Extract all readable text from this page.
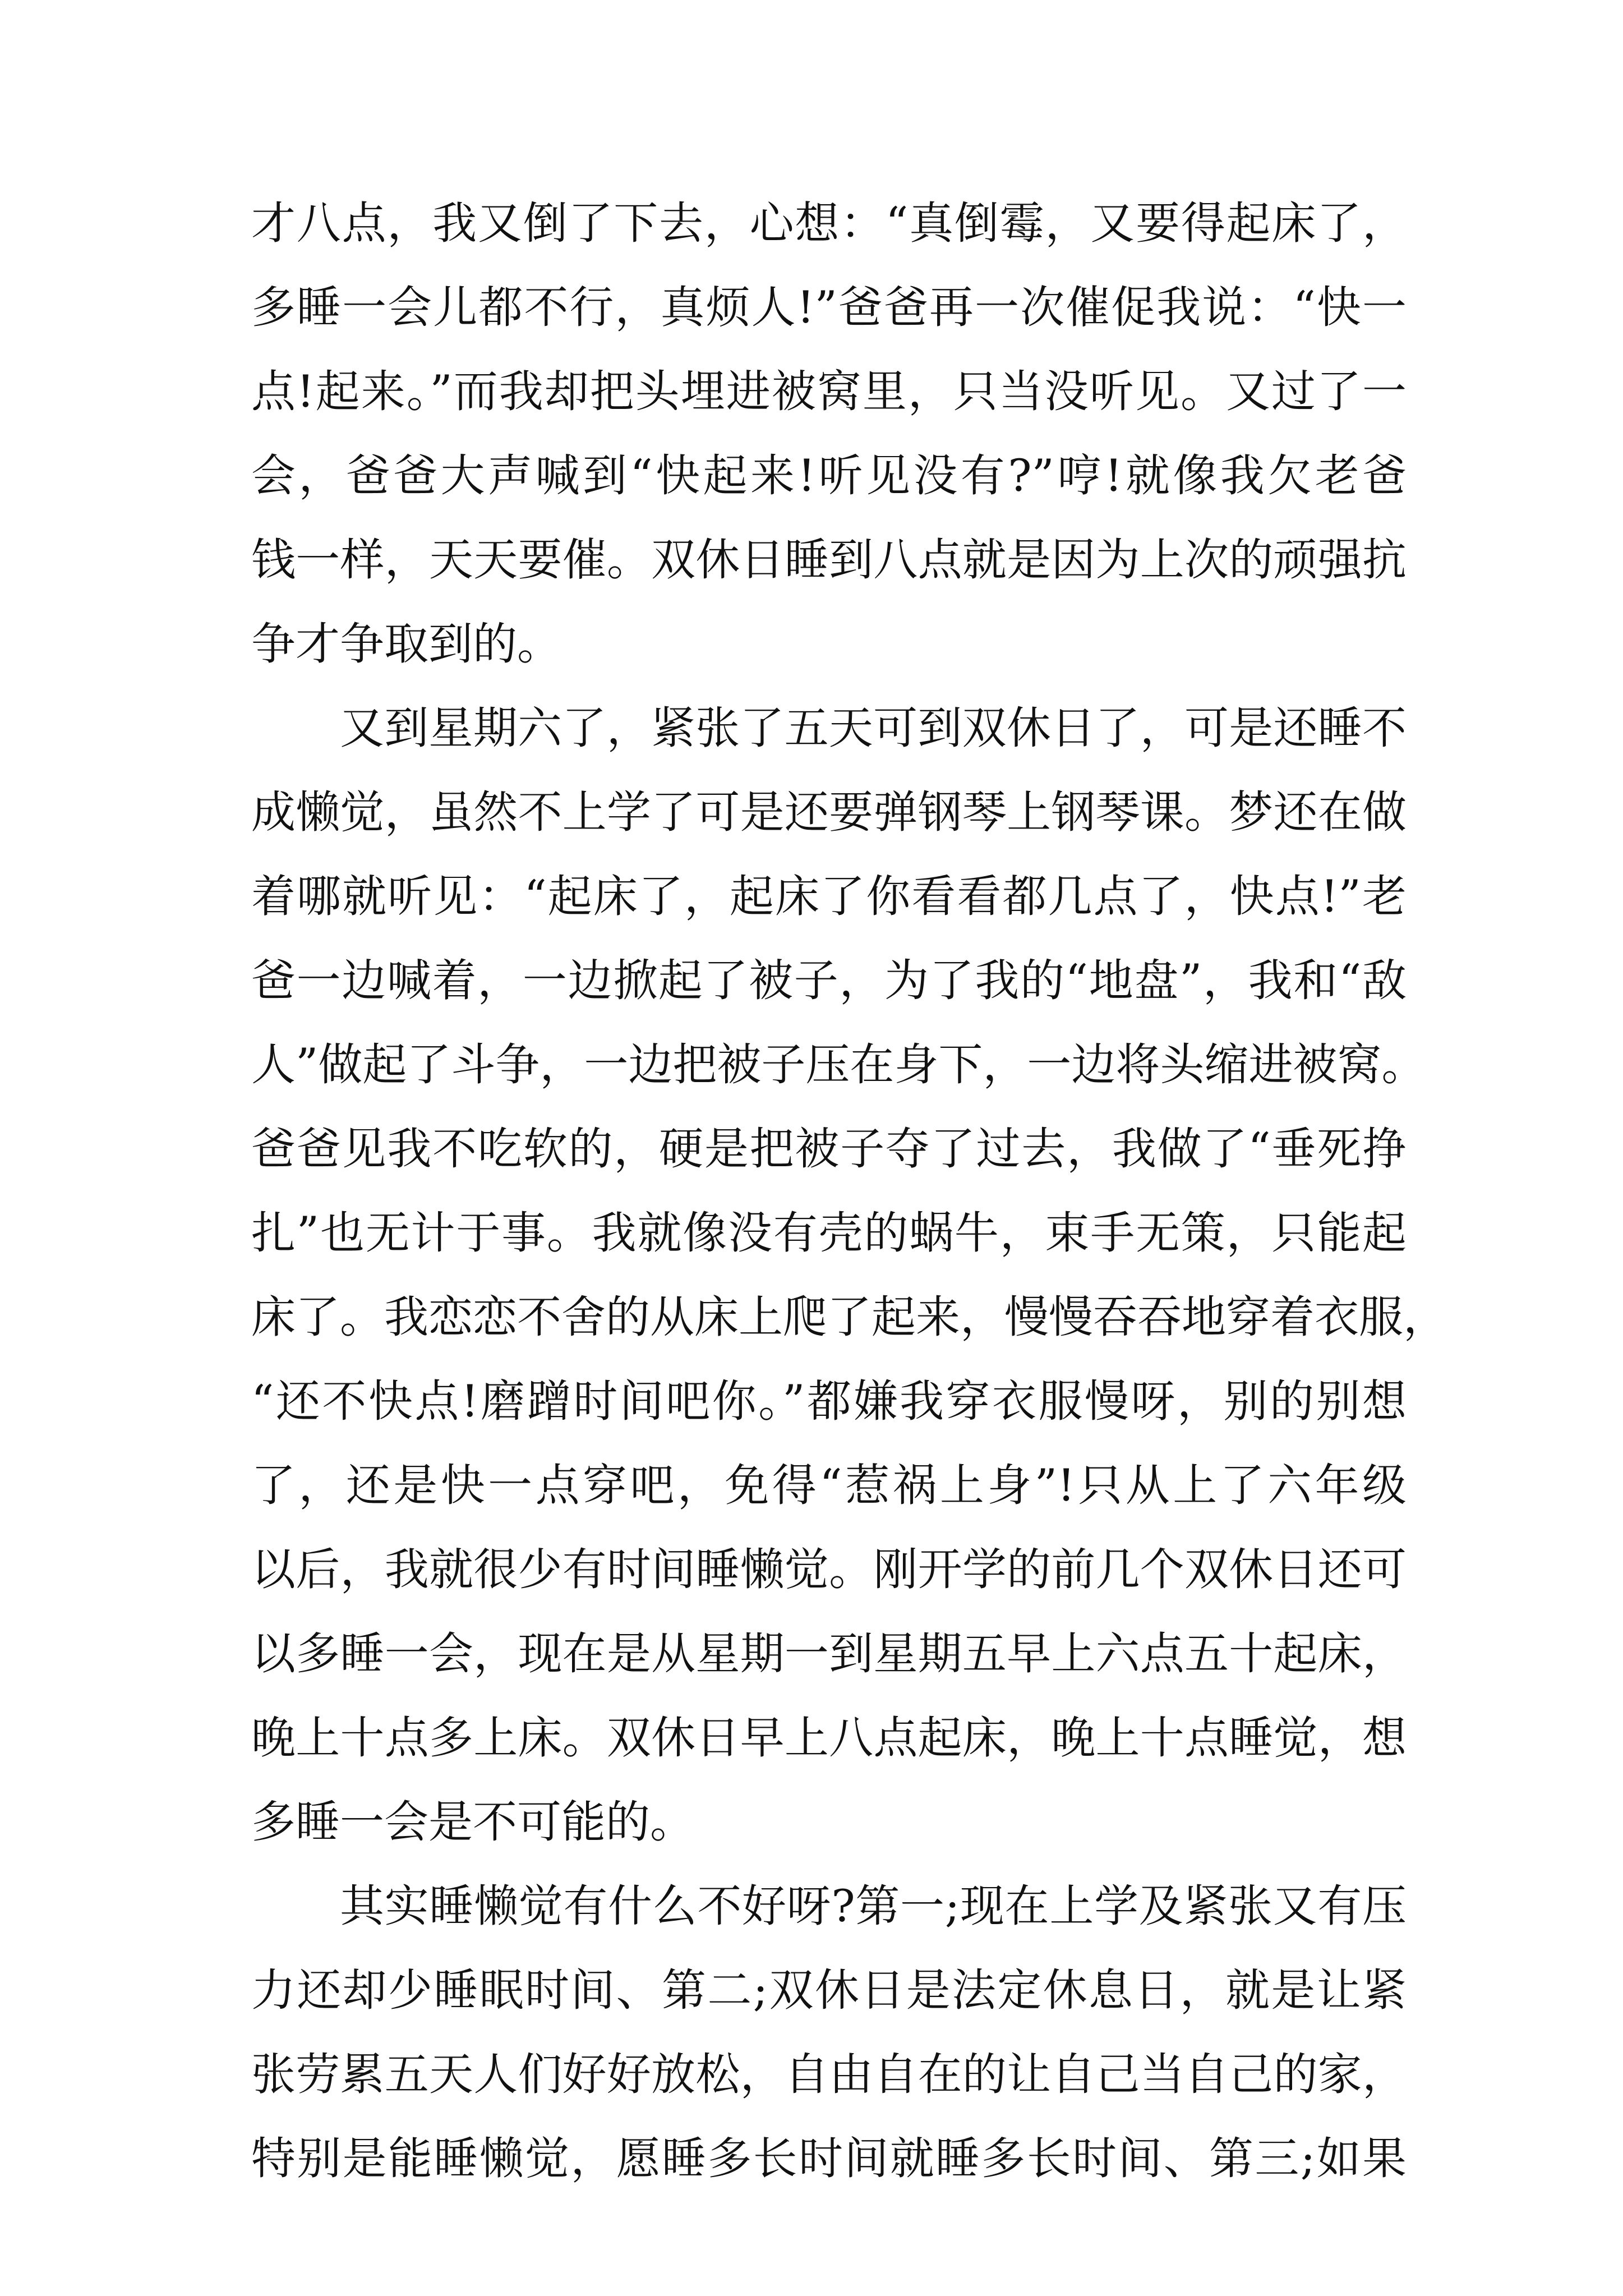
才八点，我又倒了下去，心想：“真倒霉，又要得起床了，
多睡一会儿都不行，真烦人!”爸爸再一次催促我说：“快一
点!起来。”而我却把头埋进被窝里，只当没听见。又过了一
会，爸爸大声喊到“快起来!听见没有?”哼!就像我欠老爸
钱一样，天天要催。双休日睡到八点就是因为上次的顽强抗
争才争取到的。
又到星期六了，紧张了五天可到双休日了，可是还睡不
成懒觉，虽然不上学了可是还要弹钢琴上钢琴课。梦还在做
着哪就听见：“起床了，起床了你看看都几点了，快点!”老
爸一边喊着，一边掀起了被子，为了我的“地盘”，我和“敌
人”做起了斗争，一边把被子压在身下，一边将头缩进被窝。
爸爸见我不吃软的，硬是把被子夺了过去，我做了“垂死挣
扎”也无计于事。我就像没有壳的蜗牛，束手无策，只能起
床了。我恋恋不舍的从床上爬了起来，慢慢吞吞地穿着衣服，
“还不快点!磨蹭时间吧你。”都嫌我穿衣服慢呀，别的别想
了，还是快一点穿吧，免得“惹祸上身”!只从上了六年级
以后，我就很少有时间睡懒觉。刚开学的前几个双休日还可
以多睡一会，现在是从星期一到星期五早上六点五十起床，
晚上十点多上床。双休日早上八点起床，晚上十点睡觉，想
多睡一会是不可能的。
其实睡懒觉有什么不好呀?第一;现在上学及紧张又有压
力还却少睡眠时间、第二;双休日是法定休息日，就是让紧
张劳累五天人们好好放松，自由自在的让自己当自己的家，
特别是能睡懒觉，愿睡多长时间就睡多长时间、第三;如果
